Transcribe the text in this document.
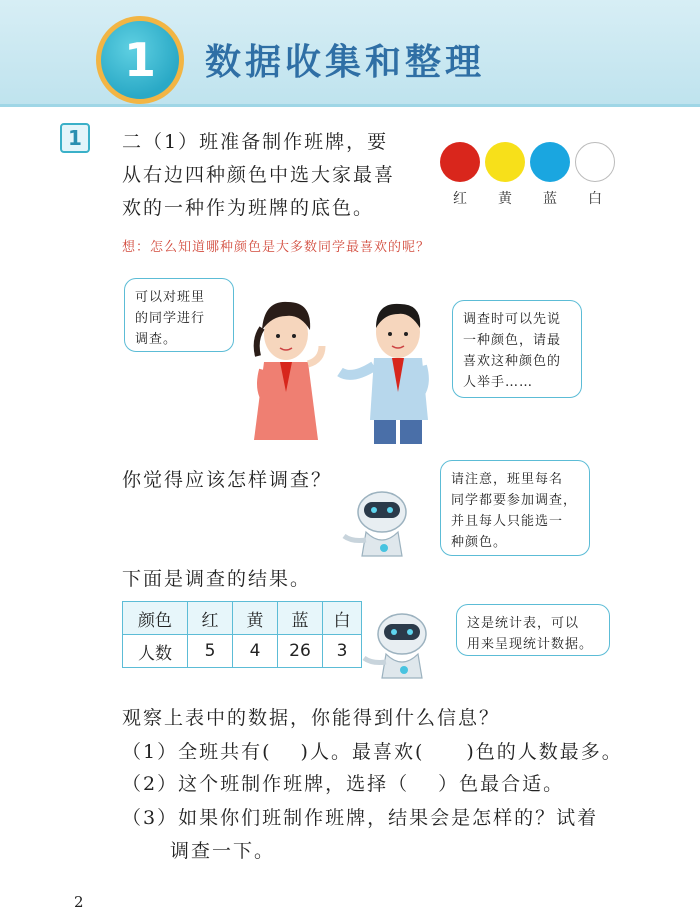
1 数据收集和整理
1 二（1）班准备制作班牌，要
从右边四种颜色中选大家最喜
欢的一种作为班牌的底色。	红	黄	蓝	白
想：怎么知道哪种颜色是大多数同学最喜欢的呢？
可以对班里
的同学进行
调查。
调查时可以先说
一种颜色，请最
喜欢这种颜色的
人举手……
你觉得应该怎样调查？	请注意，班里每名
同学都要参加调查，
并且每人只能选一
种颜色。
下面是调查的结果。
颜色	红	黄	蓝	白
人数	5	4	26	3
这是统计表，可以
用来呈现统计数据。
观察上表中的数据，你能得到什么信息？
（1）全班共有(　 )人。最喜欢(　　)色的人数最多。
（2）这个班制作班牌，选择（　 ）色最合适。
（3）如果你们班制作班牌，结果会是怎样的？试着
调查一下。
2
